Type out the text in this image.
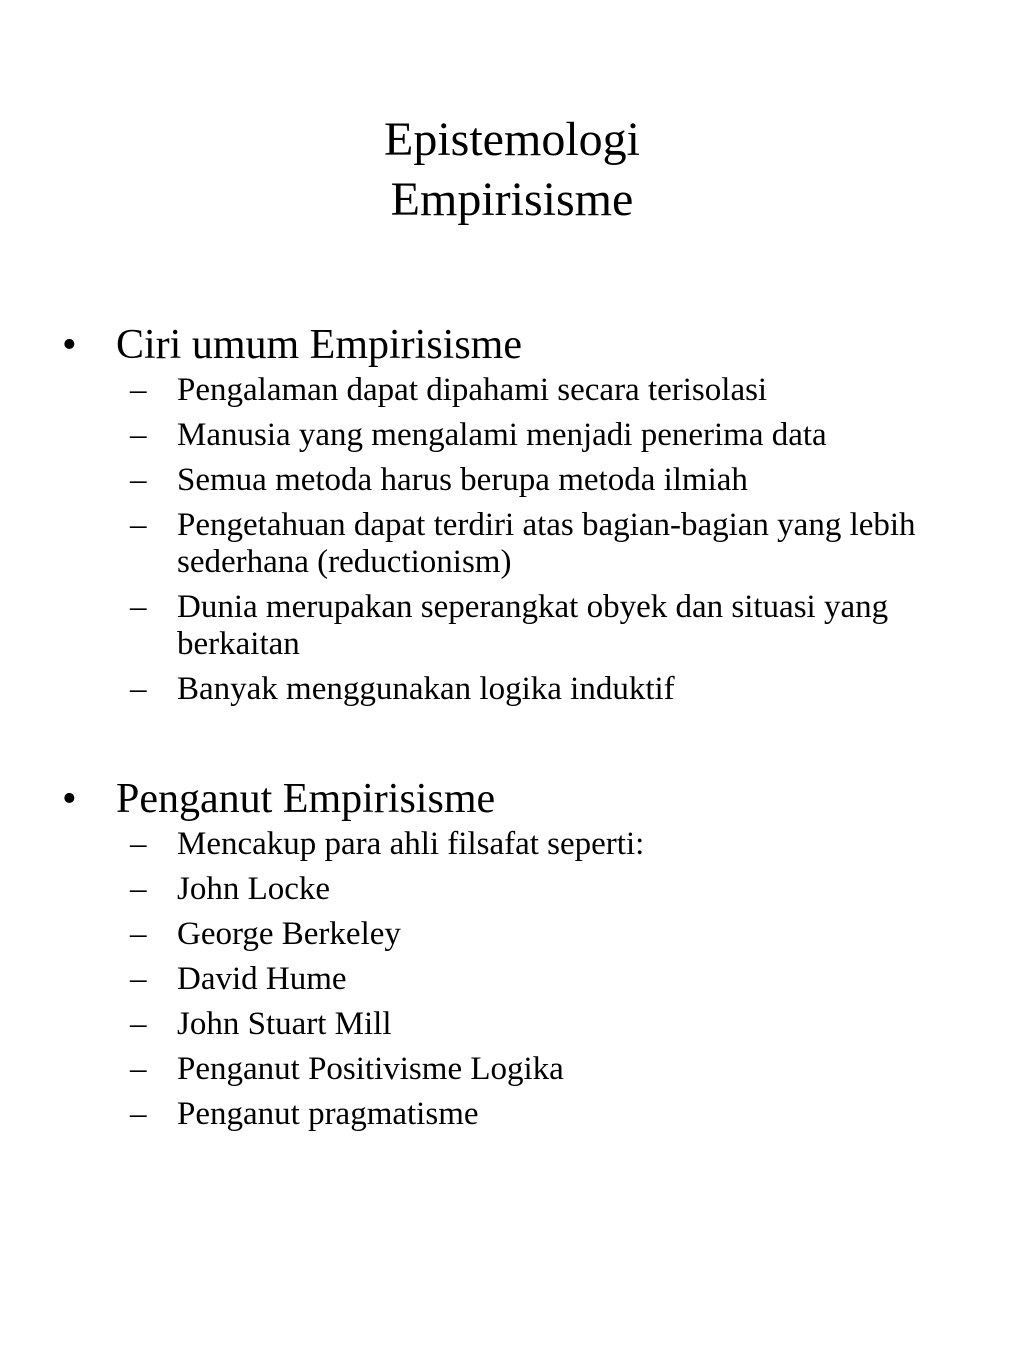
Epistemologi
Empirisisme
• Ciri umum Empirisisme
– Pengalaman dapat dipahami secara terisolasi
– Manusia yang mengalami menjadi penerima data
– Semua metoda harus berupa metoda ilmiah
– Pengetahuan dapat terdiri atas bagian-bagian yang lebih sederhana (reductionism)
– Dunia merupakan seperangkat obyek dan situasi yang berkaitan
– Banyak menggunakan logika induktif
• Penganut Empirisisme
– Mencakup para ahli filsafat seperti:
– John Locke
– George Berkeley
– David Hume
– John Stuart Mill
– Penganut Positivisme Logika
– Penganut pragmatisme
